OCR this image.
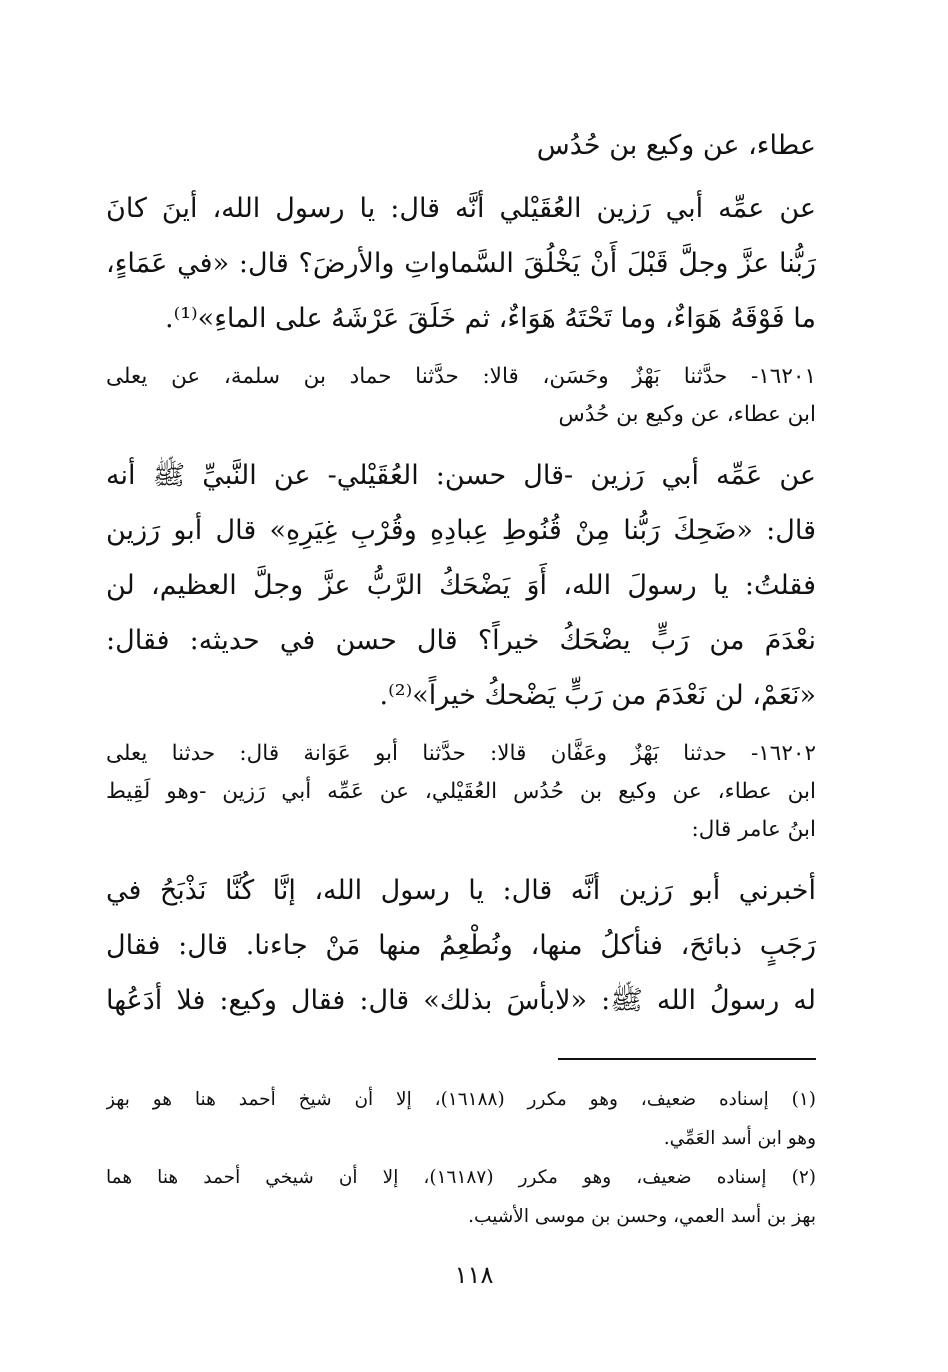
عطاء، عن وكيع بن حُدُس
عن عمِّه أبي رَزين العُقَيْلي أنَّه قال: يا رسول الله، أينَ كانَ
رَبُّنا عزَّ وجلَّ قَبْلَ أَنْ يَخْلُقَ السَّماواتِ والأرضَ؟ قال: «في عَمَاءٍ،
ما فَوْقَهُ هَوَاءٌ، وما تَحْتَهُ هَوَاءٌ، ثم خَلَقَ عَرْشَهُ على الماءِ»⁽¹⁾.
١٦٢٠١- حدَّثنا بَهْزٌ وحَسَن، قالا: حدَّثنا حماد بن سلمة، عن يعلى
ابن عطاء، عن وكيع بن حُدُس
عن عَمِّه أبي رَزين -قال حسن: العُقَيْلي- عن النَّبيِّ ﷺ أنه
قال: «ضَحِكَ رَبُّنا مِنْ قُنُوطِ عِبادِهِ وقُرْبِ غِيَرِهِ» قال أبو رَزين
فقلتُ: يا رسولَ الله، أَوَ يَضْحَكُ الرَّبُّ عزَّ وجلَّ العظيم، لن
نعْدَمَ من رَبٍّ يضْحَكُ خيراً؟ قال حسن في حديثه: فقال:
«نَعَمْ، لن نَعْدَمَ من رَبٍّ يَضْحكُ خيراً»⁽²⁾.
١٦٢٠٢- حدثنا بَهْزٌ وعَفَّان قالا: حدَّثنا أبو عَوَانة قال: حدثنا يعلى
ابن عطاء، عن وكيع بن حُدُس العُقَيْلي، عن عَمِّه أبي رَزين -وهو لَقِيط
ابنُ عامر قال:
أخبرني أبو رَزين أنَّه قال: يا رسول الله، إنَّا كُنَّا نَذْبَحُ في
رَجَبٍ ذبائحَ، فنأكلُ منها، ونُطْعِمُ منها مَنْ جاءنا. قال: فقال
له رسولُ الله ﷺ: «لابأسَ بذلك» قال: فقال وكيع: فلا أدَعُها
(١) إسناده ضعيف، وهو مكرر (١٦١٨٨)، إلا أن شيخ أحمد هنا هو بهز
وهو ابن أسد العَمِّي.
(٢) إسناده ضعيف، وهو مكرر (١٦١٨٧)، إلا أن شيخي أحمد هنا هما
بهز بن أسد العمي، وحسن بن موسى الأشيب.
١١٨
